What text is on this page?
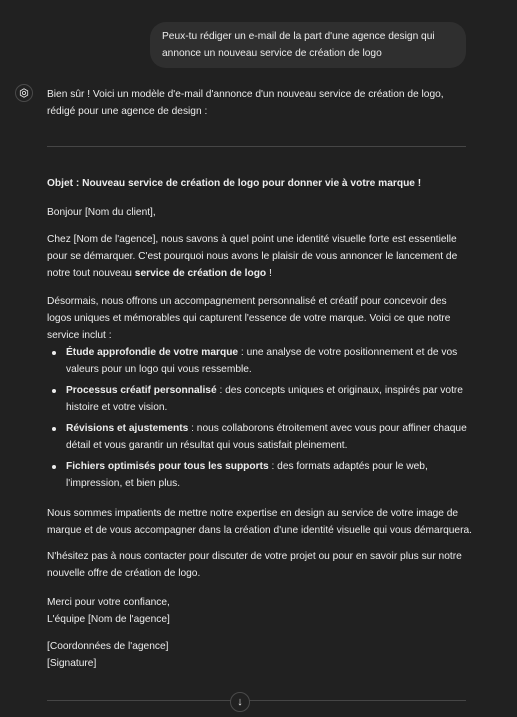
Peux-tu rédiger un e-mail de la part d'une agence design qui annonce un nouveau service de création de logo
Bien sûr ! Voici un modèle d'e-mail d'annonce d'un nouveau service de création de logo, rédigé pour une agence de design :
Objet : Nouveau service de création de logo pour donner vie à votre marque !
Bonjour [Nom du client],
Chez [Nom de l'agence], nous savons à quel point une identité visuelle forte est essentielle pour se démarquer. C'est pourquoi nous avons le plaisir de vous annoncer le lancement de notre tout nouveau service de création de logo !
Désormais, nous offrons un accompagnement personnalisé et créatif pour concevoir des logos uniques et mémorables qui capturent l'essence de votre marque. Voici ce que notre service inclut :
Étude approfondie de votre marque : une analyse de votre positionnement et de vos valeurs pour un logo qui vous ressemble.
Processus créatif personnalisé : des concepts uniques et originaux, inspirés par votre histoire et votre vision.
Révisions et ajustements : nous collaborons étroitement avec vous pour affiner chaque détail et vous garantir un résultat qui vous satisfait pleinement.
Fichiers optimisés pour tous les supports : des formats adaptés pour le web, l'impression, et bien plus.
Nous sommes impatients de mettre notre expertise en design au service de votre image de marque et de vous accompagner dans la création d'une identité visuelle qui vous démarquera.
N'hésitez pas à nous contacter pour discuter de votre projet ou pour en savoir plus sur notre nouvelle offre de création de logo.
Merci pour votre confiance,
L'équipe [Nom de l'agence]
[Coordonnées de l'agence]
[Signature]
↓
